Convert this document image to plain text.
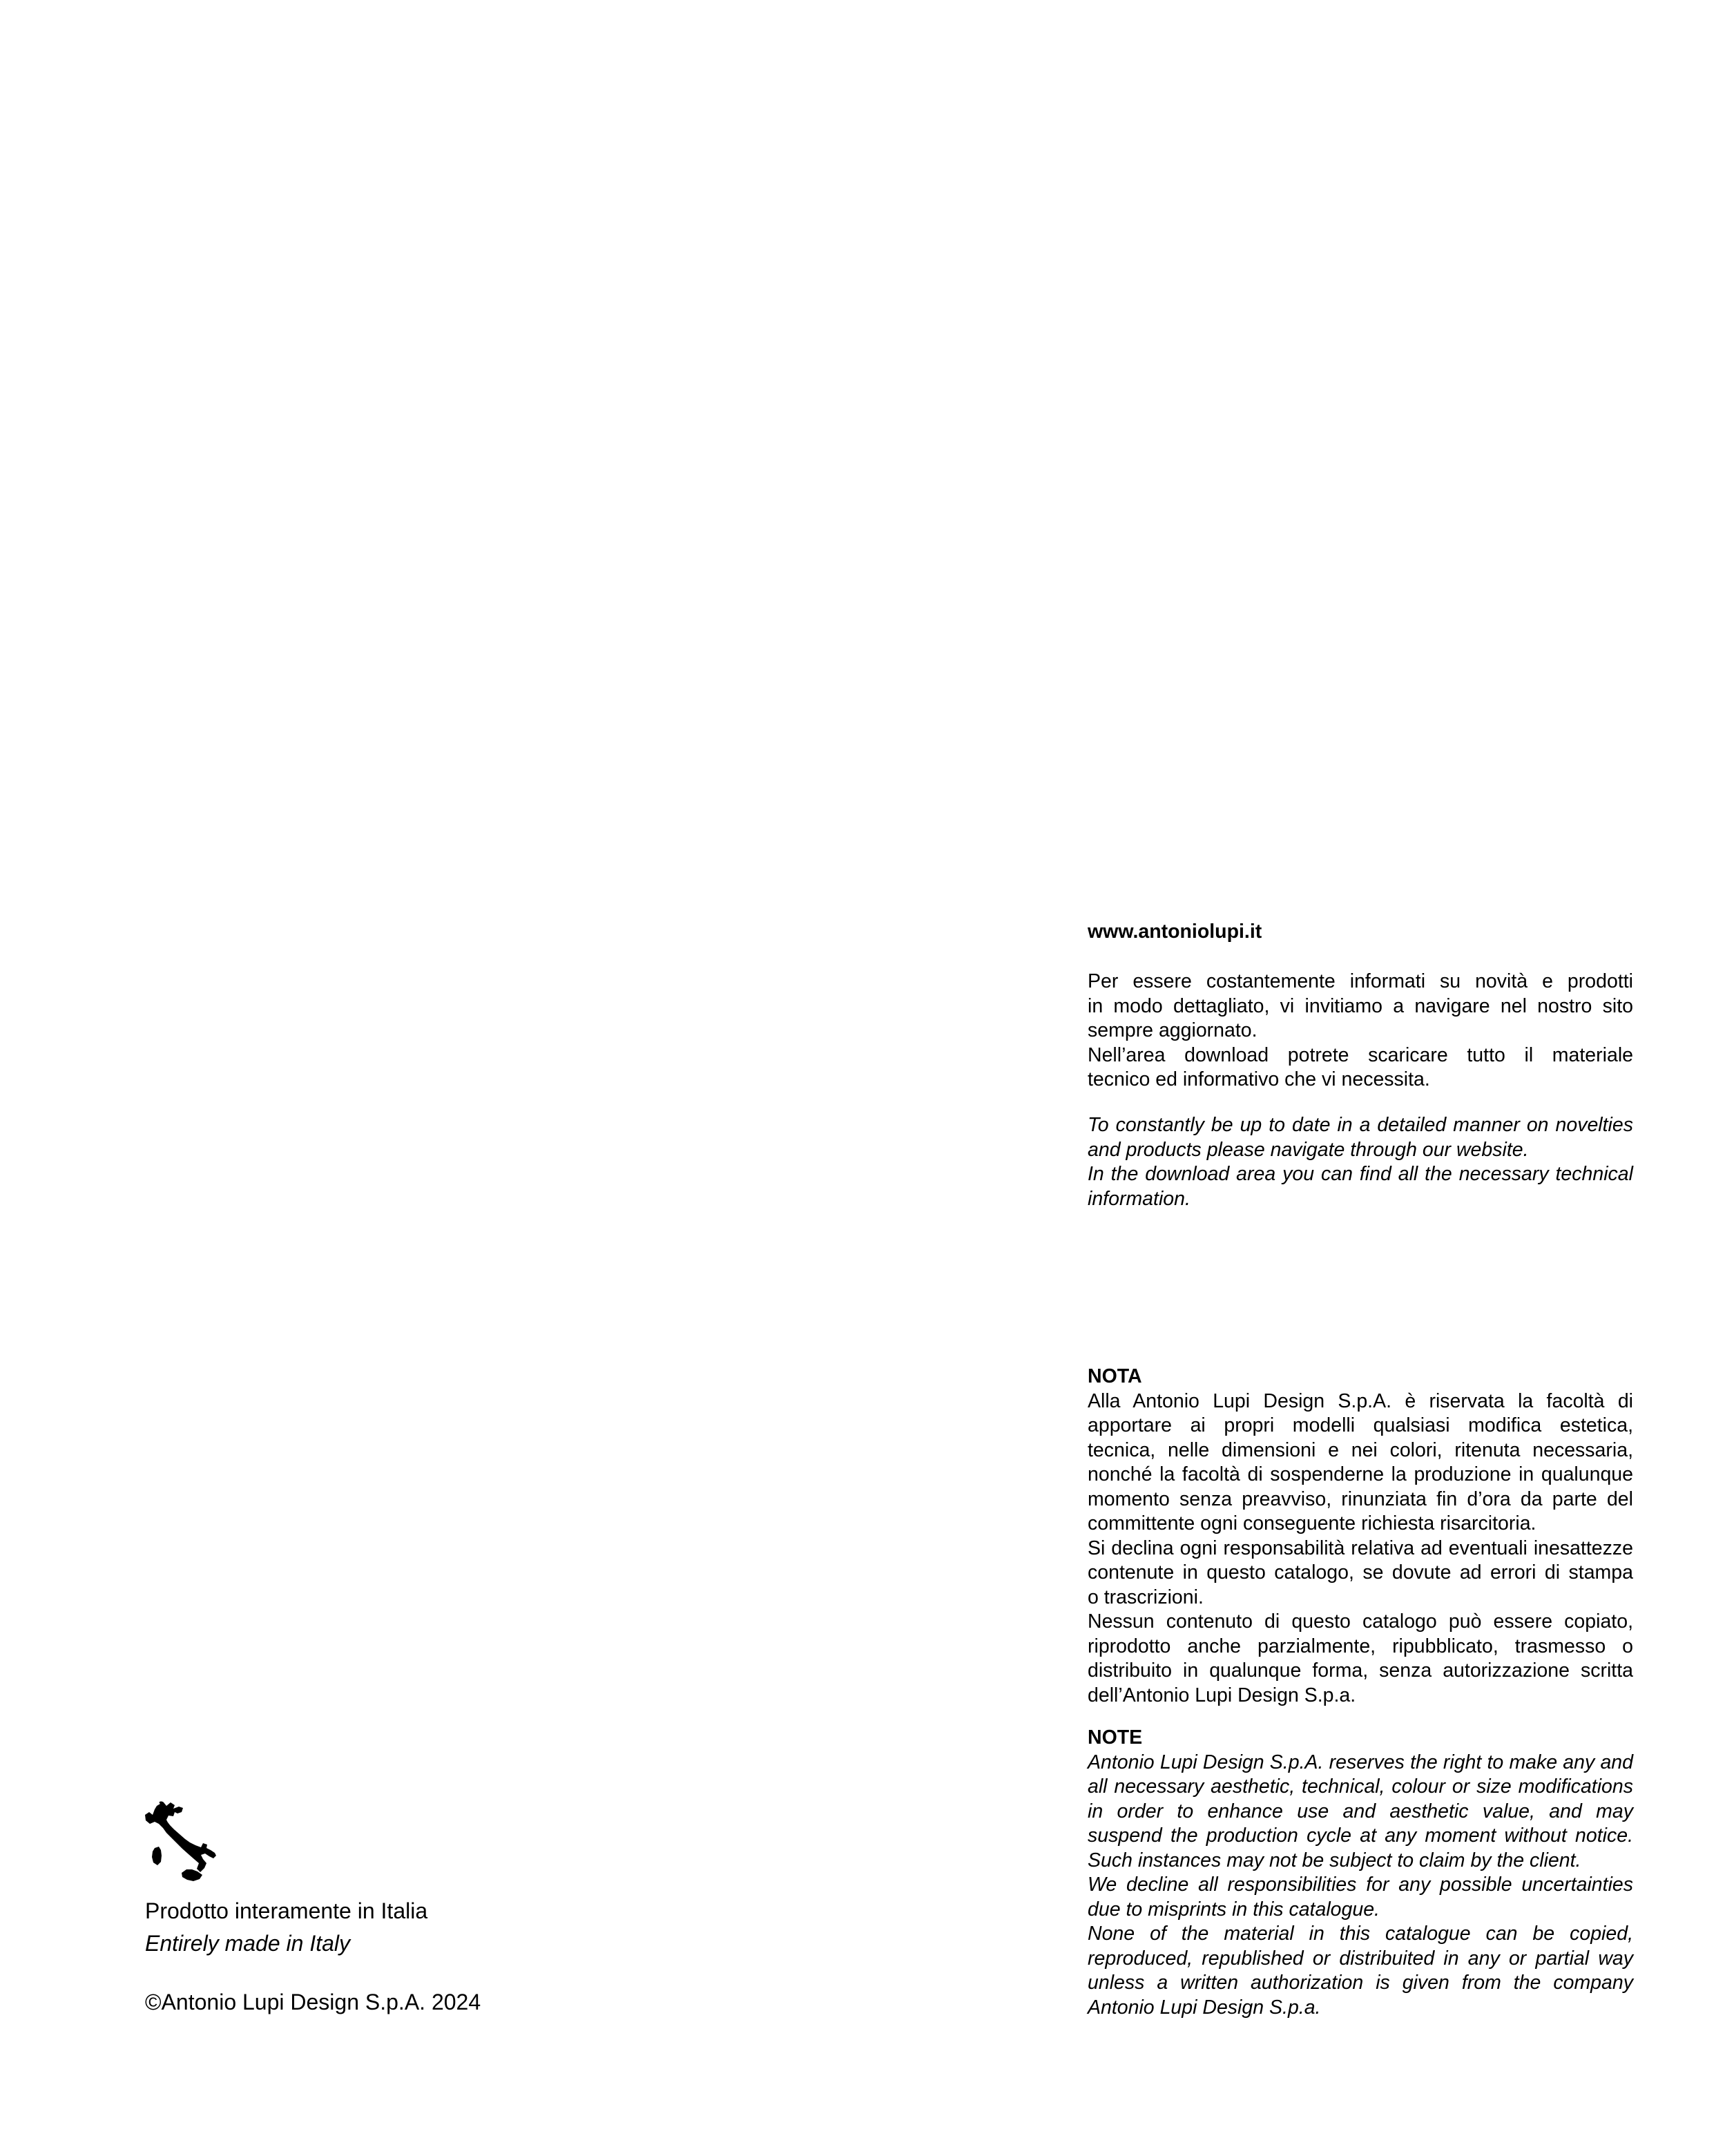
www.antoniolupi.it
Per essere costantemente informati su novità e prodotti
in modo dettagliato, vi invitiamo a navigare nel nostro sito
sempre aggiornato.
Nell’area download potrete scaricare tutto il materiale
tecnico ed informativo che vi necessita.
To constantly be up to date in a detailed manner on novelties
and products please navigate through our website.
In the download area you can find all the necessary technical
information.
NOTA
Alla Antonio Lupi Design S.p.A. è riservata la facoltà di
apportare ai propri modelli qualsiasi modifica estetica,
tecnica, nelle dimensioni e nei colori, ritenuta necessaria,
nonché la facoltà di sospenderne la produzione in qualunque
momento senza preavviso, rinunziata fin d’ora da parte del
committente ogni conseguente richiesta risarcitoria.
Si declina ogni responsabilità relativa ad eventuali inesattezze
contenute in questo catalogo, se dovute ad errori di stampa
o trascrizioni.
Nessun contenuto di questo catalogo può essere copiato,
riprodotto anche parzialmente, ripubblicato, trasmesso o
distribuito in qualunque forma, senza autorizzazione scritta
dell’Antonio Lupi Design S.p.a.
NOTE
Antonio Lupi Design S.p.A. reserves the right to make any and
all necessary aesthetic, technical, colour or size modifications
in order to enhance use and aesthetic value, and may
suspend the production cycle at any moment without notice.
Such instances may not be subject to claim by the client.
We decline all responsibilities for any possible uncertainties
due to misprints in this catalogue.
None of the material in this catalogue can be copied,
reproduced, republished or distribuited in any or partial way
unless a written authorization is given from the company
Antonio Lupi Design S.p.a.
Prodotto interamente in Italia
Entirely made in Italy
©Antonio Lupi Design S.p.A. 2024
